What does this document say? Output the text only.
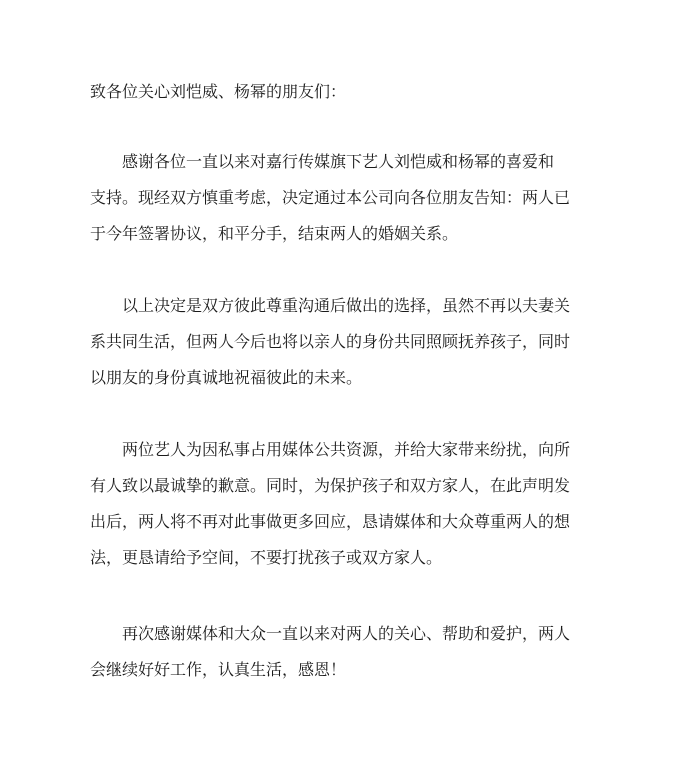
致各位关心刘恺威、杨幂的朋友们：
感谢各位一直以来对嘉行传媒旗下艺人刘恺威和杨幂的喜爱和
支持。现经双方慎重考虑，决定通过本公司向各位朋友告知：两人已
于今年签署协议，和平分手，结束两人的婚姻关系。
以上决定是双方彼此尊重沟通后做出的选择，虽然不再以夫妻关
系共同生活，但两人今后也将以亲人的身份共同照顾抚养孩子，同时
以朋友的身份真诚地祝福彼此的未来。
两位艺人为因私事占用媒体公共资源，并给大家带来纷扰，向所
有人致以最诚挚的歉意。同时，为保护孩子和双方家人，在此声明发
出后，两人将不再对此事做更多回应，恳请媒体和大众尊重两人的想
法，更恳请给予空间，不要打扰孩子或双方家人。
再次感谢媒体和大众一直以来对两人的关心、帮助和爱护，两人
会继续好好工作，认真生活，感恩！
